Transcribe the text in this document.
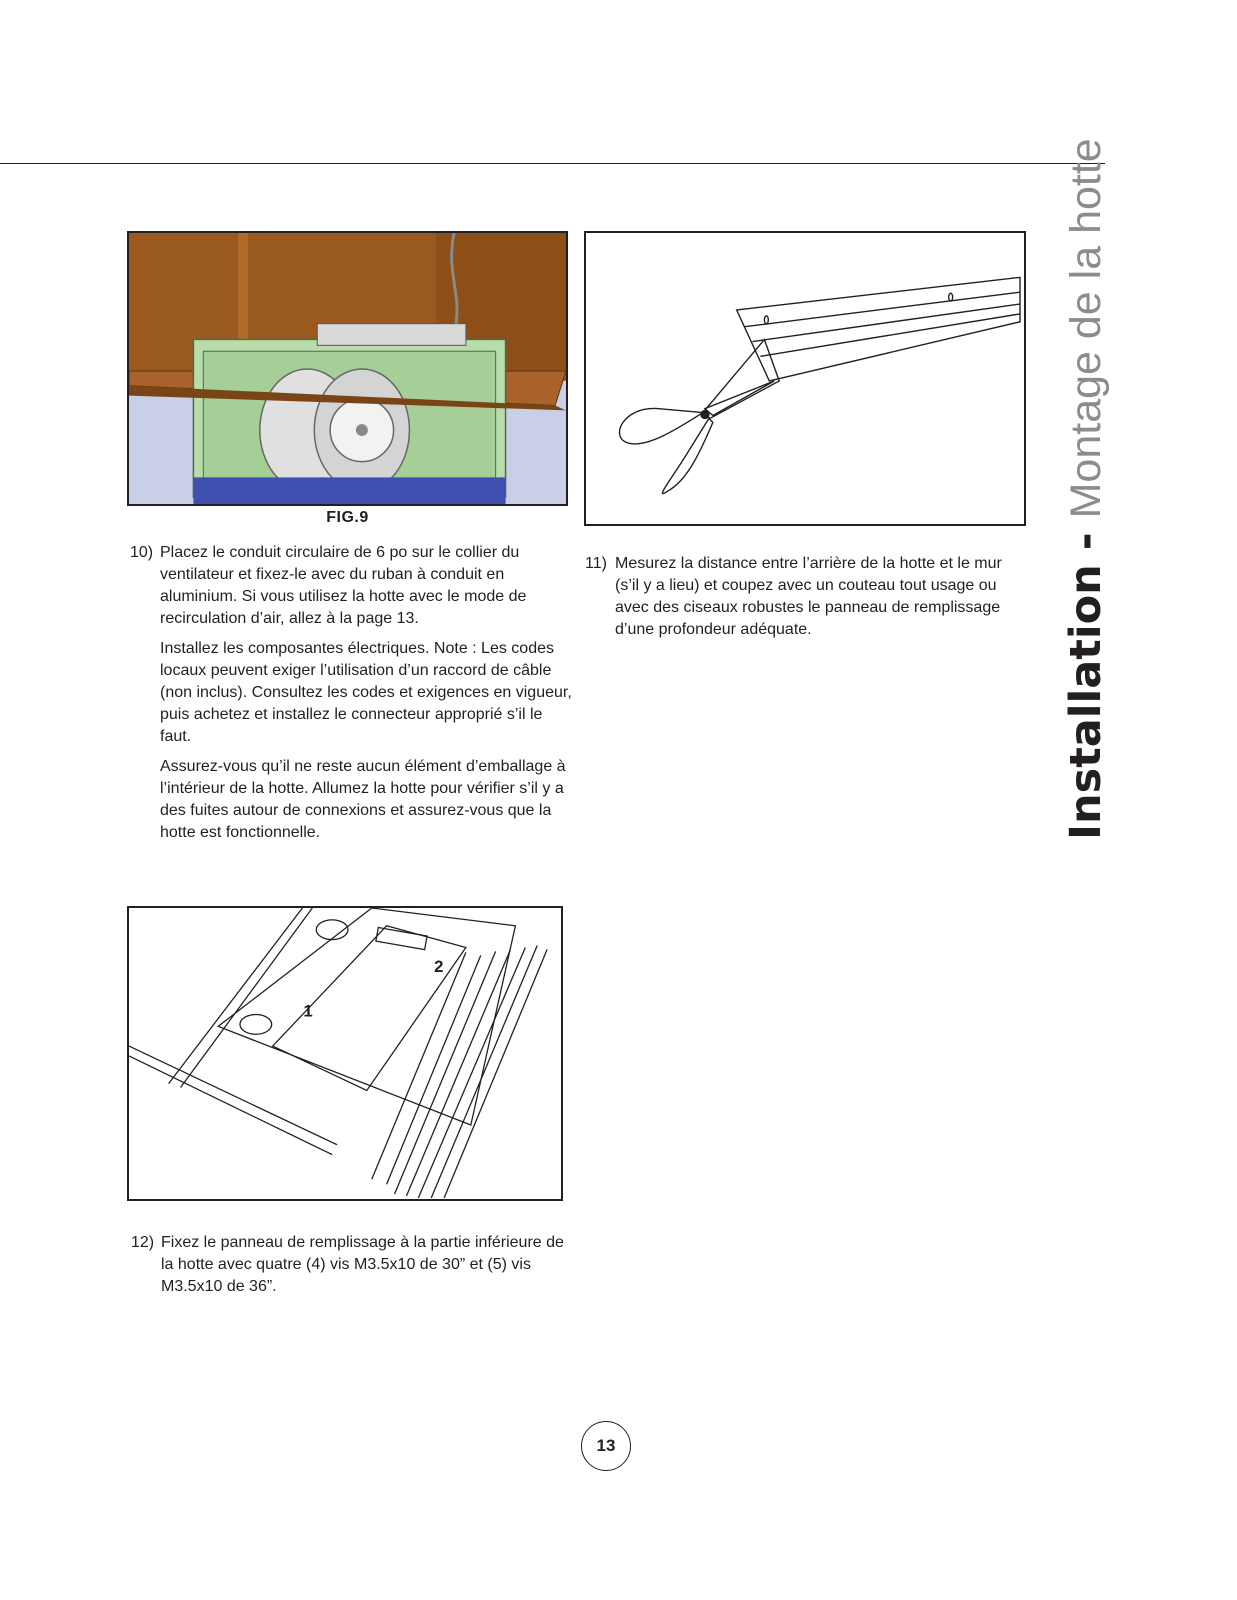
FIG.9
1
2
10) Placez le conduit circulaire de 6 po sur le collier du ventilateur et fixez-le avec du ruban à conduit en aluminium. Si vous utilisez la hotte avec le mode de recirculation d’air, allez à la page 13.

Installez les composantes électriques. Note : Les codes locaux peuvent exiger l’utilisation d’un raccord de câble (non inclus). Consultez les codes et exigences en vigueur, puis achetez et installez le connecteur approprié s’il le faut.

Assurez-vous qu’il ne reste aucun élément d’emballage à l’intérieur de la hotte. Allumez la hotte pour vérifier s’il y a des fuites autour de connexions et assurez-vous que la hotte est fonctionnelle.

11) Mesurez la distance entre l’arrière de la hotte et le mur (s’il y a lieu) et coupez avec un couteau tout usage ou avec des ciseaux robustes le panneau de remplissage d’une profondeur adéquate.

12) Fixez le panneau de remplissage à la partie inférieure de la hotte avec quatre (4) vis M3.5x10 de 30” et (5) vis M3.5x10 de 36”.

Installation-Montage de la hotte
13
